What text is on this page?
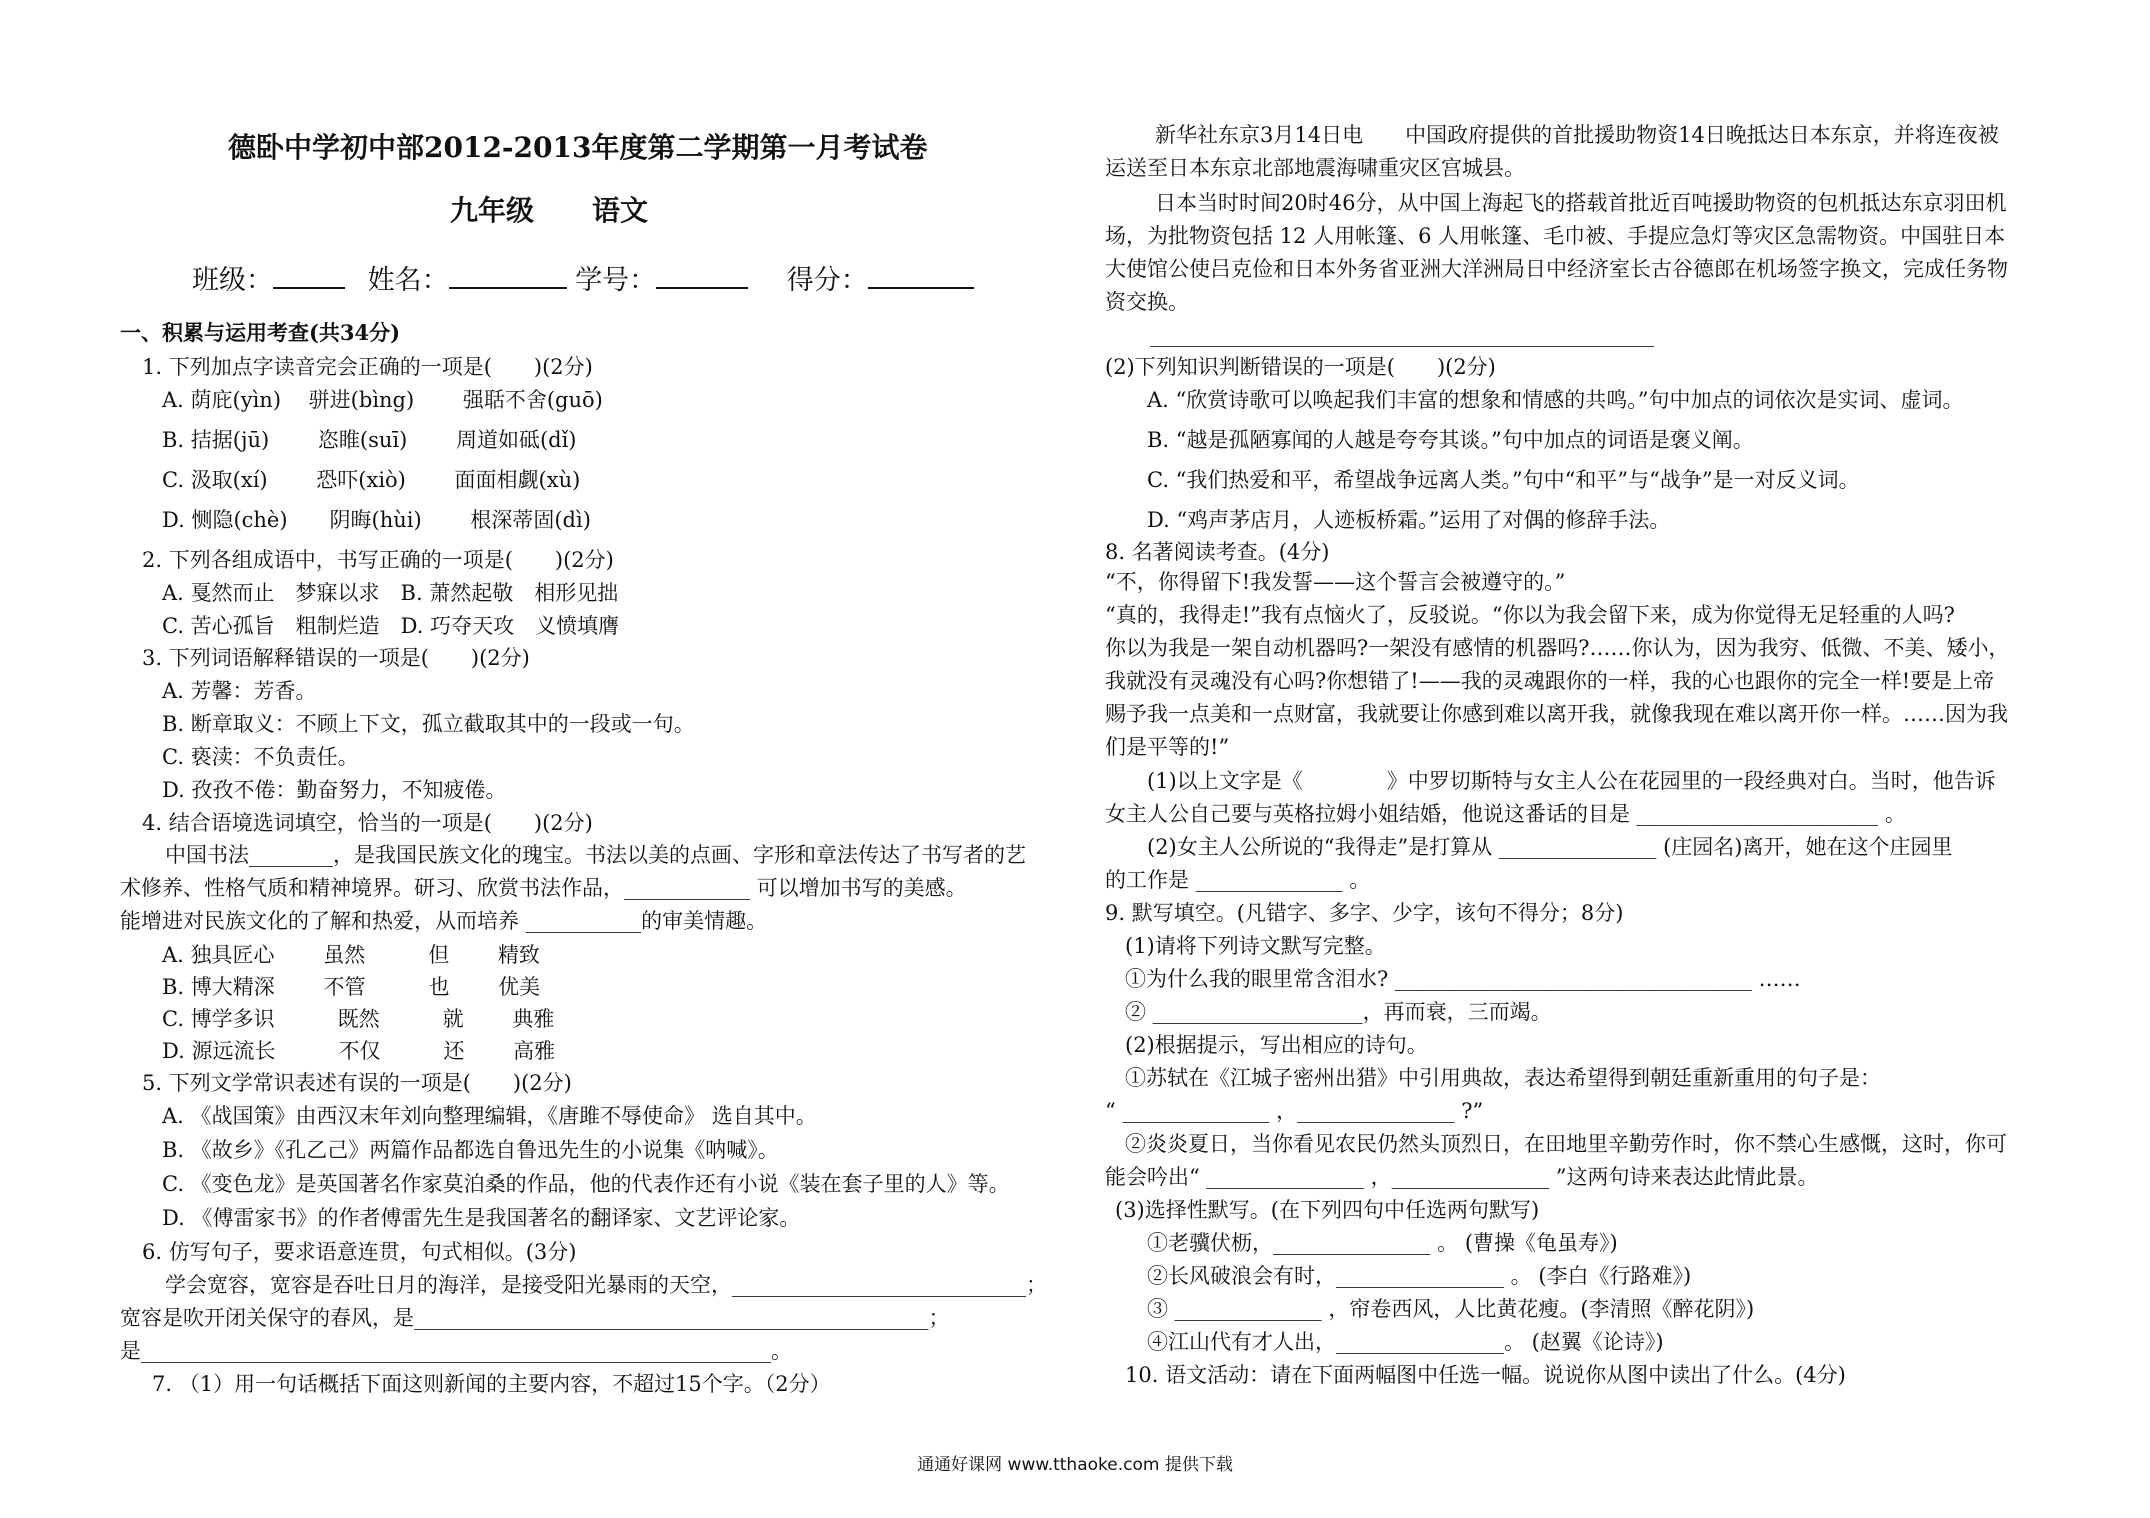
德卧中学初中部2012-2013年度第二学期第一月考试卷
九年级 语文
班级：	姓名：	学号：	得分：
一、积累与运用考查(共34分)
1. 下列加点字读音完会正确的一项是(　　)(2分)
A. 荫庇(yìn)　 骈进(bìng)　　 强聒不舍(guō)
B. 拮据(jū)　　 恣睢(suī)　　 周道如砥(dǐ)
C. 汲取(xí)　　 恐吓(xiò)　　 面面相觑(xù)
D. 恻隐(chè)　　阴晦(hùi)　　 根深蒂固(dì)
2. 下列各组成语中，书写正确的一项是(　　)(2分)
A. 戛然而止　梦寐以求　B. 萧然起敬　相形见拙
C. 苦心孤旨　粗制烂造　D. 巧夺天攻　义愤填膺
3. 下列词语解释错误的一项是(　　)(2分)
A. 芳馨：芳香。
B. 断章取义：不顾上下文，孤立截取其中的一段或一句。
C. 亵渎：不负责任。
D. 孜孜不倦：勤奋努力，不知疲倦。
4. 结合语境选词填空，恰当的一项是(　　)(2分)
中国书法________，是我国民族文化的瑰宝。书法以美的点画、字形和章法传达了书写者的艺
术修养、性格气质和精神境界。研习、欣赏书法作品，____________ 可以增加书写的美感。
能增进对民族文化的了解和热爱，从而培养 ___________的审美情趣。
A. 独具匠心　　 虽然　　　但　　 精致
B. 博大精深　　 不管　　　也　　 优美
C. 博学多识　　　既然　　　就　　 典雅
D. 源远流长　　　不仅　　　还　　 高雅
5. 下列文学常识表述有误的一项是(　　)(2分)
A. 《战国策》由西汉末年刘向整理编辑，《唐雎不辱使命》 选自其中。
B. 《故乡》《孔乙己》两篇作品都选自鲁迅先生的小说集《呐喊》。
C. 《变色龙》是英国著名作家莫泊桑的作品，他的代表作还有小说《装在套子里的人》等。
D. 《傅雷家书》的作者傅雷先生是我国著名的翻译家、文艺评论家。
6. 仿写句子，要求语意连贯，句式相似。(3分)
学会宽容，宽容是吞吐日月的海洋，是接受阳光暴雨的天空，____________________________；
宽容是吹开闭关保守的春风，是_________________________________________________；
是____________________________________________________________。
7. （1）用一句话概括下面这则新闻的主要内容，不超过15个字。（2分）
新华社东京3月14日电　　中国政府提供的首批援助物资14日晚抵达日本东京，并将连夜被
运送至日本东京北部地震海啸重灾区宫城县。
日本当时时间20时46分，从中国上海起飞的搭载首批近百吨援助物资的包机抵达东京羽田机
场，为批物资包括 12 人用帐篷、6 人用帐篷、毛巾被、手提应急灯等灾区急需物资。中国驻日本
大使馆公使吕克俭和日本外务省亚洲大洋洲局日中经济室长古谷德郎在机场签字换文，完成任务物
资交换。
________________________________________________
(2)下列知识判断错误的一项是(　　)(2分)
A. “欣赏诗歌可以唤起我们丰富的想象和情感的共鸣。”句中加点的词依次是实词、虚词。
B. “越是孤陋寡闻的人越是夸夸其谈。”句中加点的词语是褒义阐。
C. “我们热爱和平，希望战争远离人类。”句中“和平”与“战争”是一对反义词。
D. “鸡声茅店月，人迹板桥霜。”运用了对偶的修辞手法。
8. 名著阅读考查。(4分)
“不，你得留下!我发誓——这个誓言会被遵守的。”
“真的，我得走!”我有点恼火了，反驳说。“你以为我会留下来，成为你觉得无足轻重的人吗?
你以为我是一架自动机器吗?一架没有感情的机器吗?……你认为，因为我穷、低微、不美、矮小，
我就没有灵魂没有心吗?你想错了!——我的灵魂跟你的一样，我的心也跟你的完全一样!要是上帝
赐予我一点美和一点财富，我就要让你感到难以离开我，就像我现在难以离开你一样。……因为我
们是平等的!”
(1)以上文字是《　　　　》中罗切斯特与女主人公在花园里的一段经典对白。当时，他告诉
女主人公自己要与英格拉姆小姐结婚，他说这番话的目是 _______________________ 。
(2)女主人公所说的“我得走”是打算从 _______________ (庄园名)离开，她在这个庄园里
的工作是 ______________ 。
9. 默写填空。(凡错字、多字、少字，该句不得分；8分)
(1)请将下列诗文默写完整。
①为什么我的眼里常含泪水? __________________________________ ……
② ____________________，再而衰，三而竭。
(2)根据提示，写出相应的诗句。
①苏轼在《江城子密州出猎》中引用典故，表达希望得到朝廷重新重用的句子是：
“ ______________ ，_______________ ?”
②炎炎夏日，当你看见农民仍然头顶烈日，在田地里辛勤劳作时，你不禁心生感慨，这时，你可
能会吟出“ _______________ ，_______________ ”这两句诗来表达此情此景。
(3)选择性默写。(在下列四句中任选两句默写)
①老骥伏枥，_______________ 。 (曹操《龟虽寿》)
②长风破浪会有时，________________ 。 (李白《行路难》)
③ ______________ ，帘卷西风，人比黄花瘦。(李清照《醉花阴》)
④江山代有才人出，________________。 (赵翼《论诗》)
10. 语文活动：请在下面两幅图中任选一幅。说说你从图中读出了什么。(4分)
通通好课网 www.tthaoke.com 提供下载
